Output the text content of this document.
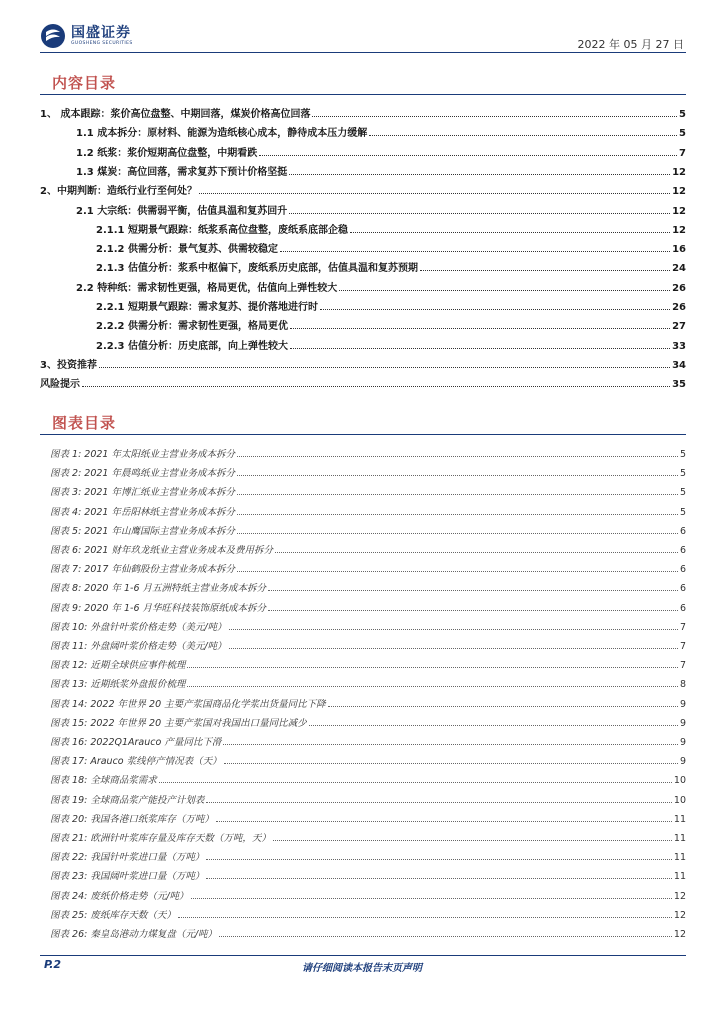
国盛证券
GUOSHENG SECURITIES	2022 年 05 月 27 日
内容目录
1、 成本跟踪：浆价高位盘整、中期回落，煤炭价格高位回落	5
1.1 成本拆分：原材料、能源为造纸核心成本，静待成本压力缓解	5
1.2 纸浆：浆价短期高位盘整，中期看跌	7
1.3 煤炭：高位回落，需求复苏下预计价格坚挺	12
2、中期判断：造纸行业行至何处？	12
2.1 大宗纸：供需弱平衡，估值具温和复苏回升	12
2.1.1 短期景气跟踪：纸浆系高位盘整，废纸系底部企稳	12
2.1.2 供需分析：景气复苏、供需较稳定	16
2.1.3 估值分析：浆系中枢偏下，废纸系历史底部，估值具温和复苏预期	24
2.2 特种纸：需求韧性更强，格局更优，估值向上弹性较大	26
2.2.1 短期景气跟踪：需求复苏、提价落地进行时	26
2.2.2 供需分析：需求韧性更强，格局更优	27
2.2.3 估值分析：历史底部，向上弹性较大	33
3、投资推荐	34
风险提示	35
图表目录
图表 1: 2021 年太阳纸业主营业务成本拆分	5
图表 2: 2021 年晨鸣纸业主营业务成本拆分	5
图表 3: 2021 年博汇纸业主营业务成本拆分	5
图表 4: 2021 年岳阳林纸主营业务成本拆分	5
图表 5: 2021 年山鹰国际主营业务成本拆分	6
图表 6: 2021 财年玖龙纸业主营业务成本及费用拆分	6
图表 7: 2017 年仙鹤股份主营业务成本拆分	6
图表 8: 2020 年 1-6 月五洲特纸主营业务成本拆分	6
图表 9: 2020 年 1-6 月华旺科技装饰原纸成本拆分	6
图表 10: 外盘针叶浆价格走势（美元/吨）	7
图表 11: 外盘阔叶浆价格走势（美元/吨）	7
图表 12: 近期全球供应事件梳理	7
图表 13: 近期纸浆外盘报价梳理	8
图表 14: 2022 年世界 20 主要产浆国商品化学浆出货量同比下降	9
图表 15: 2022 年世界 20 主要产浆国对我国出口量同比减少	9
图表 16: 2022Q1Arauco 产量同比下滑	9
图表 17: Arauco 浆线停产情况表（天）	9
图表 18: 全球商品浆需求	10
图表 19: 全球商品浆产能投产计划表	10
图表 20: 我国各港口纸浆库存（万吨）	11
图表 21: 欧洲针叶浆库存量及库存天数（万吨，天）	11
图表 22: 我国针叶浆进口量（万吨）	11
图表 23: 我国阔叶浆进口量（万吨）	11
图表 24: 废纸价格走势（元/吨）	12
图表 25: 废纸库存天数（天）	12
图表 26: 秦皇岛港动力煤复盘（元/吨）	12
P.2	请仔细阅读本报告末页声明
